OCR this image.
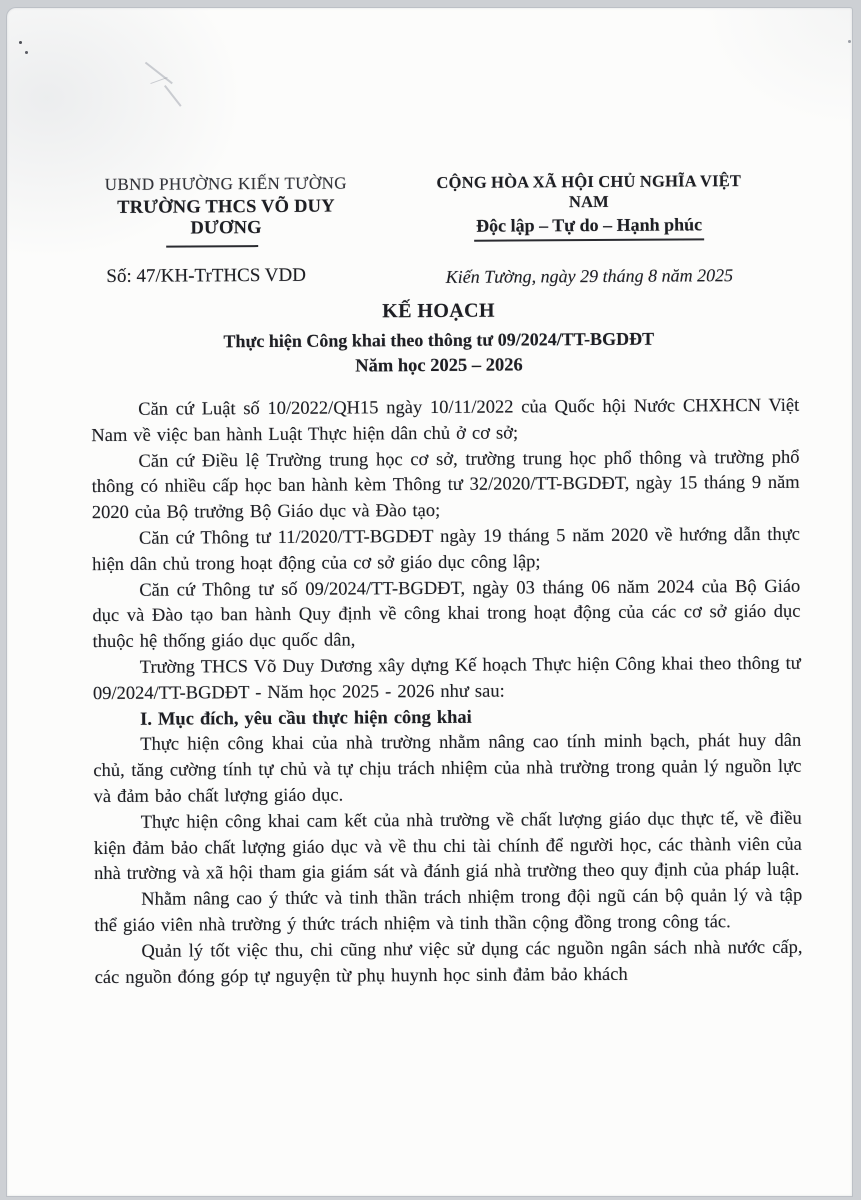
UBND PHƯỜNG KIẾN TƯỜNG
TRƯỜNG THCS VÕ DUY DƯƠNG
Số: 47/KH-TrTHCS VDD
CỘNG HÒA XÃ HỘI CHỦ NGHĨA VIỆT NAM
Độc lập – Tự do – Hạnh phúc
Kiến Tường, ngày 29 tháng 8 năm 2025
KẾ HOẠCH
Thực hiện Công khai theo thông tư 09/2024/TT-BGDĐT
Năm học 2025 – 2026

Căn cứ Luật số 10/2022/QH15 ngày 10/11/2022 của Quốc hội Nước CHXHCN Việt Nam về việc ban hành Luật Thực hiện dân chủ ở cơ sở;

Căn cứ Điều lệ Trường trung học cơ sở, trường trung học phổ thông và trường phổ thông có nhiều cấp học ban hành kèm Thông tư 32/2020/TT-BGDĐT, ngày 15 tháng 9 năm 2020 của Bộ trưởng Bộ Giáo dục và Đào tạo;

Căn cứ Thông tư 11/2020/TT-BGDĐT ngày 19 tháng 5 năm 2020 về hướng dẫn thực hiện dân chủ trong hoạt động của cơ sở giáo dục công lập;

Căn cứ Thông tư số 09/2024/TT-BGDĐT, ngày 03 tháng 06 năm 2024 của Bộ Giáo dục và Đào tạo ban hành Quy định về công khai trong hoạt động của các cơ sở giáo dục thuộc hệ thống giáo dục quốc dân,

Trường THCS Võ Duy Dương xây dựng Kế hoạch Thực hiện Công khai theo thông tư 09/2024/TT-BGDĐT - Năm học 2025 - 2026 như sau:

I. Mục đích, yêu cầu thực hiện công khai

Thực hiện công khai của nhà trường nhằm nâng cao tính minh bạch, phát huy dân chủ, tăng cường tính tự chủ và tự chịu trách nhiệm của nhà trường trong quản lý nguồn lực và đảm bảo chất lượng giáo dục.

Thực hiện công khai cam kết của nhà trường về chất lượng giáo dục thực tế, về điều kiện đảm bảo chất lượng giáo dục và về thu chi tài chính để người học, các thành viên của nhà trường và xã hội tham gia giám sát và đánh giá nhà trường theo quy định của pháp luật.

Nhằm nâng cao ý thức và tinh thần trách nhiệm trong đội ngũ cán bộ quản lý và tập thể giáo viên nhà trường ý thức trách nhiệm và tinh thần cộng đồng trong công tác.

Quản lý tốt việc thu, chi cũng như việc sử dụng các nguồn ngân sách nhà nước cấp, các nguồn đóng góp tự nguyện từ phụ huynh học sinh đảm bảo khách
